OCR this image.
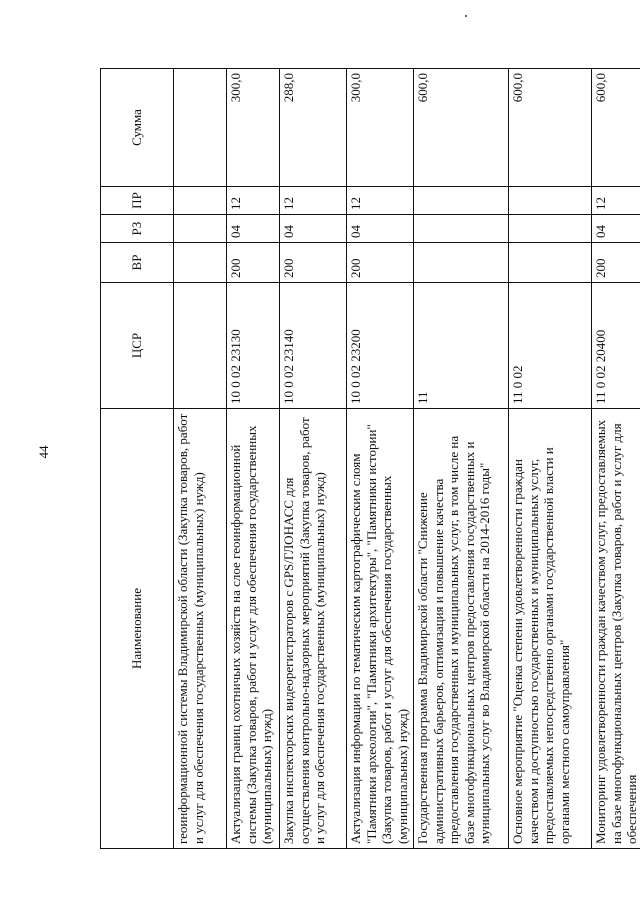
44
Наименование	ЦСР	ВР	РЗ	ПР	Сумма
геоинформационной системы Владимирской области (Закупка товаров, работ и услуг для обеспечения государственных (муниципальных) нужд)					
Актуализация границ охотничьих хозяйств на слое геоинформационной системы (Закупка товаров, работ и услуг для обеспечения государственных (муниципальных) нужд)	10 0 02 23130	200	04	12	300,0
Закупка инспекторских видеорегистраторов с GPS/ГЛОНАСС для осуществления контрольно-надзорных мероприятий (Закупка товаров, работ и услуг для обеспечения государственных (муниципальных) нужд)	10 0 02 23140	200	04	12	288,0
Актуализация информации по тематическим картографическим слоям "Памятники археологии", "Памятники архитектуры", "Памятники истории" (Закупка товаров, работ и услуг для обеспечения государственных (муниципальных) нужд)	10 0 02 23200	200	04	12	300,0
Государственная программа Владимирской области "Снижение административных барьеров, оптимизация и повышение качества предоставления государственных и муниципальных услуг, в том числе на базе многофункциональных центров предоставления государственных и муниципальных услуг во Владимирской области на 2014-2016 годы"	11				600,0
Основное мероприятие "Оценка степени удовлетворенности граждан качеством и доступностью государственных и муниципальных услуг, предоставляемых непосредственно органами государственной власти и органами местного самоуправления"	11 0 02				600,0
Мониторинг удовлетворенности граждан качеством услуг, предоставляемых на базе многофункциональных центров (Закупка товаров, работ и услуг для обеспечения	11 0 02 20400	200	04	12	600,0
